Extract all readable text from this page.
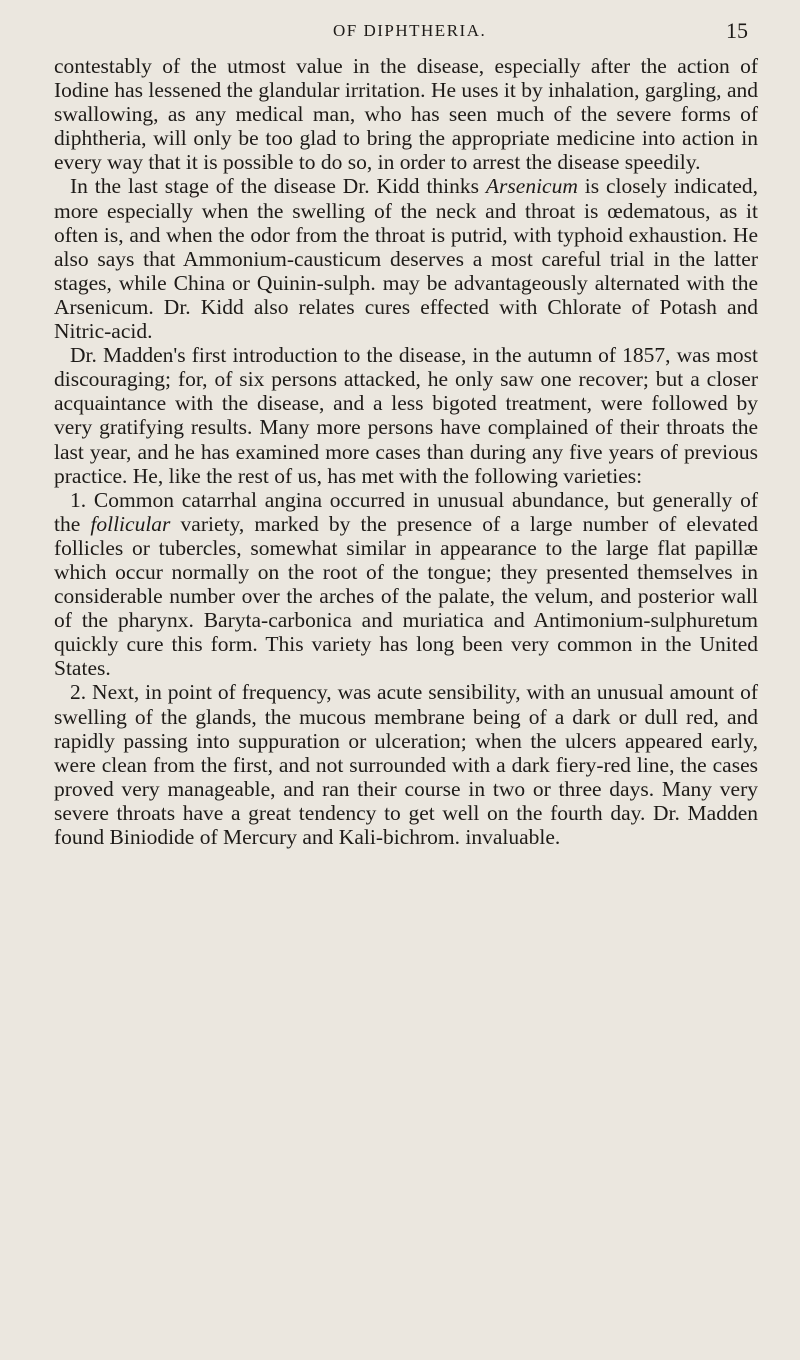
OF DIPHTHERIA.	15

contestably of the utmost value in the disease, especially after the action of Iodine has lessened the glandular irritation. He uses it by inhalation, gargling, and swallowing, as any medical man, who has seen much of the severe forms of diphtheria, will only be too glad to bring the appropriate medicine into action in every way that it is possible to do so, in order to arrest the disease speedily.

In the last stage of the disease Dr. Kidd thinks Arsenicum is closely indicated, more especially when the swelling of the neck and throat is œdematous, as it often is, and when the odor from the throat is putrid, with typhoid exhaustion. He also says that Ammonium-causticum deserves a most careful trial in the latter stages, while China or Quinin-sulph. may be advantageously alternated with the Arsenicum. Dr. Kidd also relates cures effected with Chlorate of Potash and Nitric-acid.

Dr. Madden's first introduction to the disease, in the autumn of 1857, was most discouraging; for, of six persons attacked, he only saw one recover; but a closer acquaintance with the disease, and a less bigoted treatment, were followed by very gratifying results. Many more persons have complained of their throats the last year, and he has examined more cases than during any five years of previous practice. He, like the rest of us, has met with the following varieties:

1. Common catarrhal angina occurred in unusual abundance, but generally of the follicular variety, marked by the presence of a large number of elevated follicles or tubercles, somewhat similar in appearance to the large flat papillæ which occur normally on the root of the tongue; they presented themselves in considerable number over the arches of the palate, the velum, and posterior wall of the pharynx. Baryta-carbonica and muriatica and Antimonium-sulphuretum quickly cure this form. This variety has long been very common in the United States.

2. Next, in point of frequency, was acute sensibility, with an unusual amount of swelling of the glands, the mucous membrane being of a dark or dull red, and rapidly passing into suppuration or ulceration; when the ulcers appeared early, were clean from the first, and not surrounded with a dark fiery-red line, the cases proved very manageable, and ran their course in two or three days. Many very severe throats have a great tendency to get well on the fourth day. Dr. Madden found Biniodide of Mercury and Kali-bichrom. invaluable.
